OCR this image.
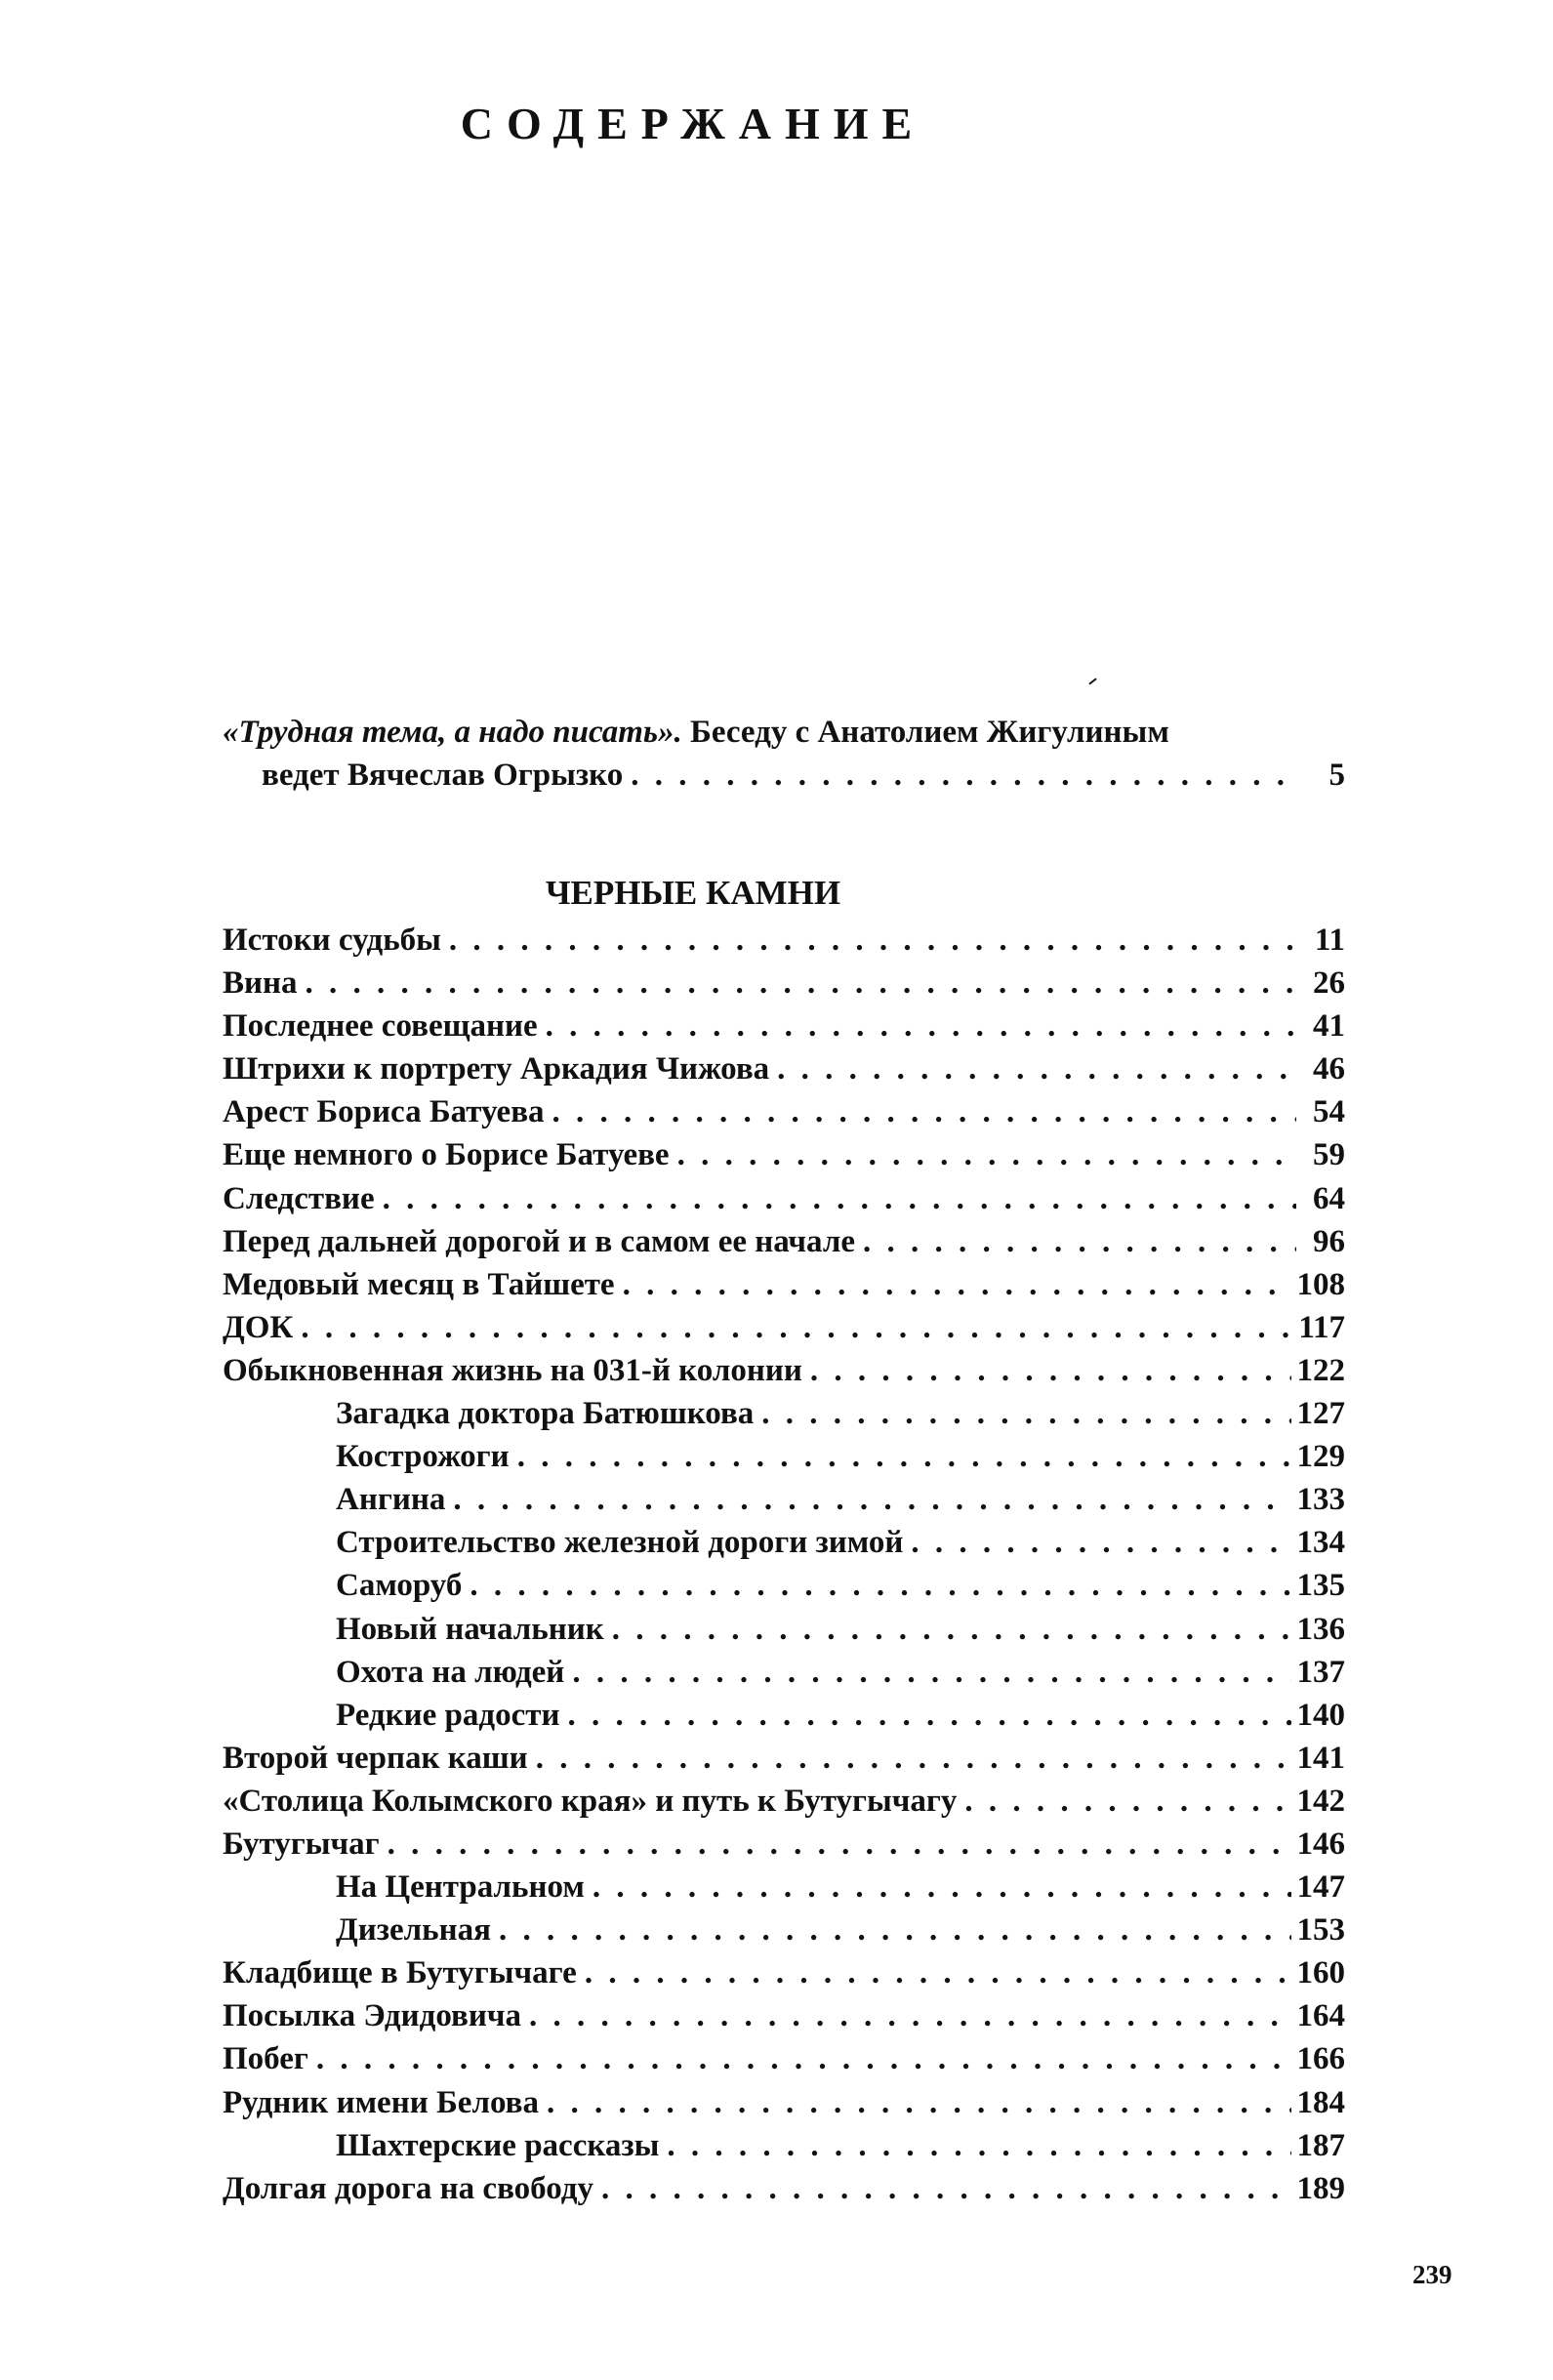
СОДЕРЖАНИЕ
«Трудная тема, а надо писать». Беседу с Анатолием Жигулиным
ведет Вячеслав Огрызко . . .	5
ЧЕРНЫЕ КАМНИ
Истоки судьбы . . .	11
Вина . . .	26
Последнее совещание . . .	41
Штрихи к портрету Аркадия Чижова . . .	46
Арест Бориса Батуева . . .	54
Еще немного о Борисе Батуеве . . .	59
Следствие . . .	64
Перед дальней дорогой и в самом ее начале . . .	96
Медовый месяц в Тайшете . . .	108
ДОК . . .	117
Обыкновенная жизнь на 031-й колонии . . .	122
Загадка доктора Батюшкова . . .	127
Кострожоги . . .	129
Ангина . . .	133
Строительство железной дороги зимой . . .	134
Саморуб . . .	135
Новый начальник . . .	136
Охота на людей . . .	137
Редкие радости . . .	140
Второй черпак каши . . .	141
«Столица Колымского края» и путь к Бутугычагу . . .	142
Бутугычаг . . .	146
На Центральном . . .	147
Дизельная . . .	153
Кладбище в Бутугычаге . . .	160
Посылка Эдидовича . . .	164
Побег . . .	166
Рудник имени Белова . . .	184
Шахтерские рассказы . . .	187
Долгая дорога на свободу . . .	189
239
